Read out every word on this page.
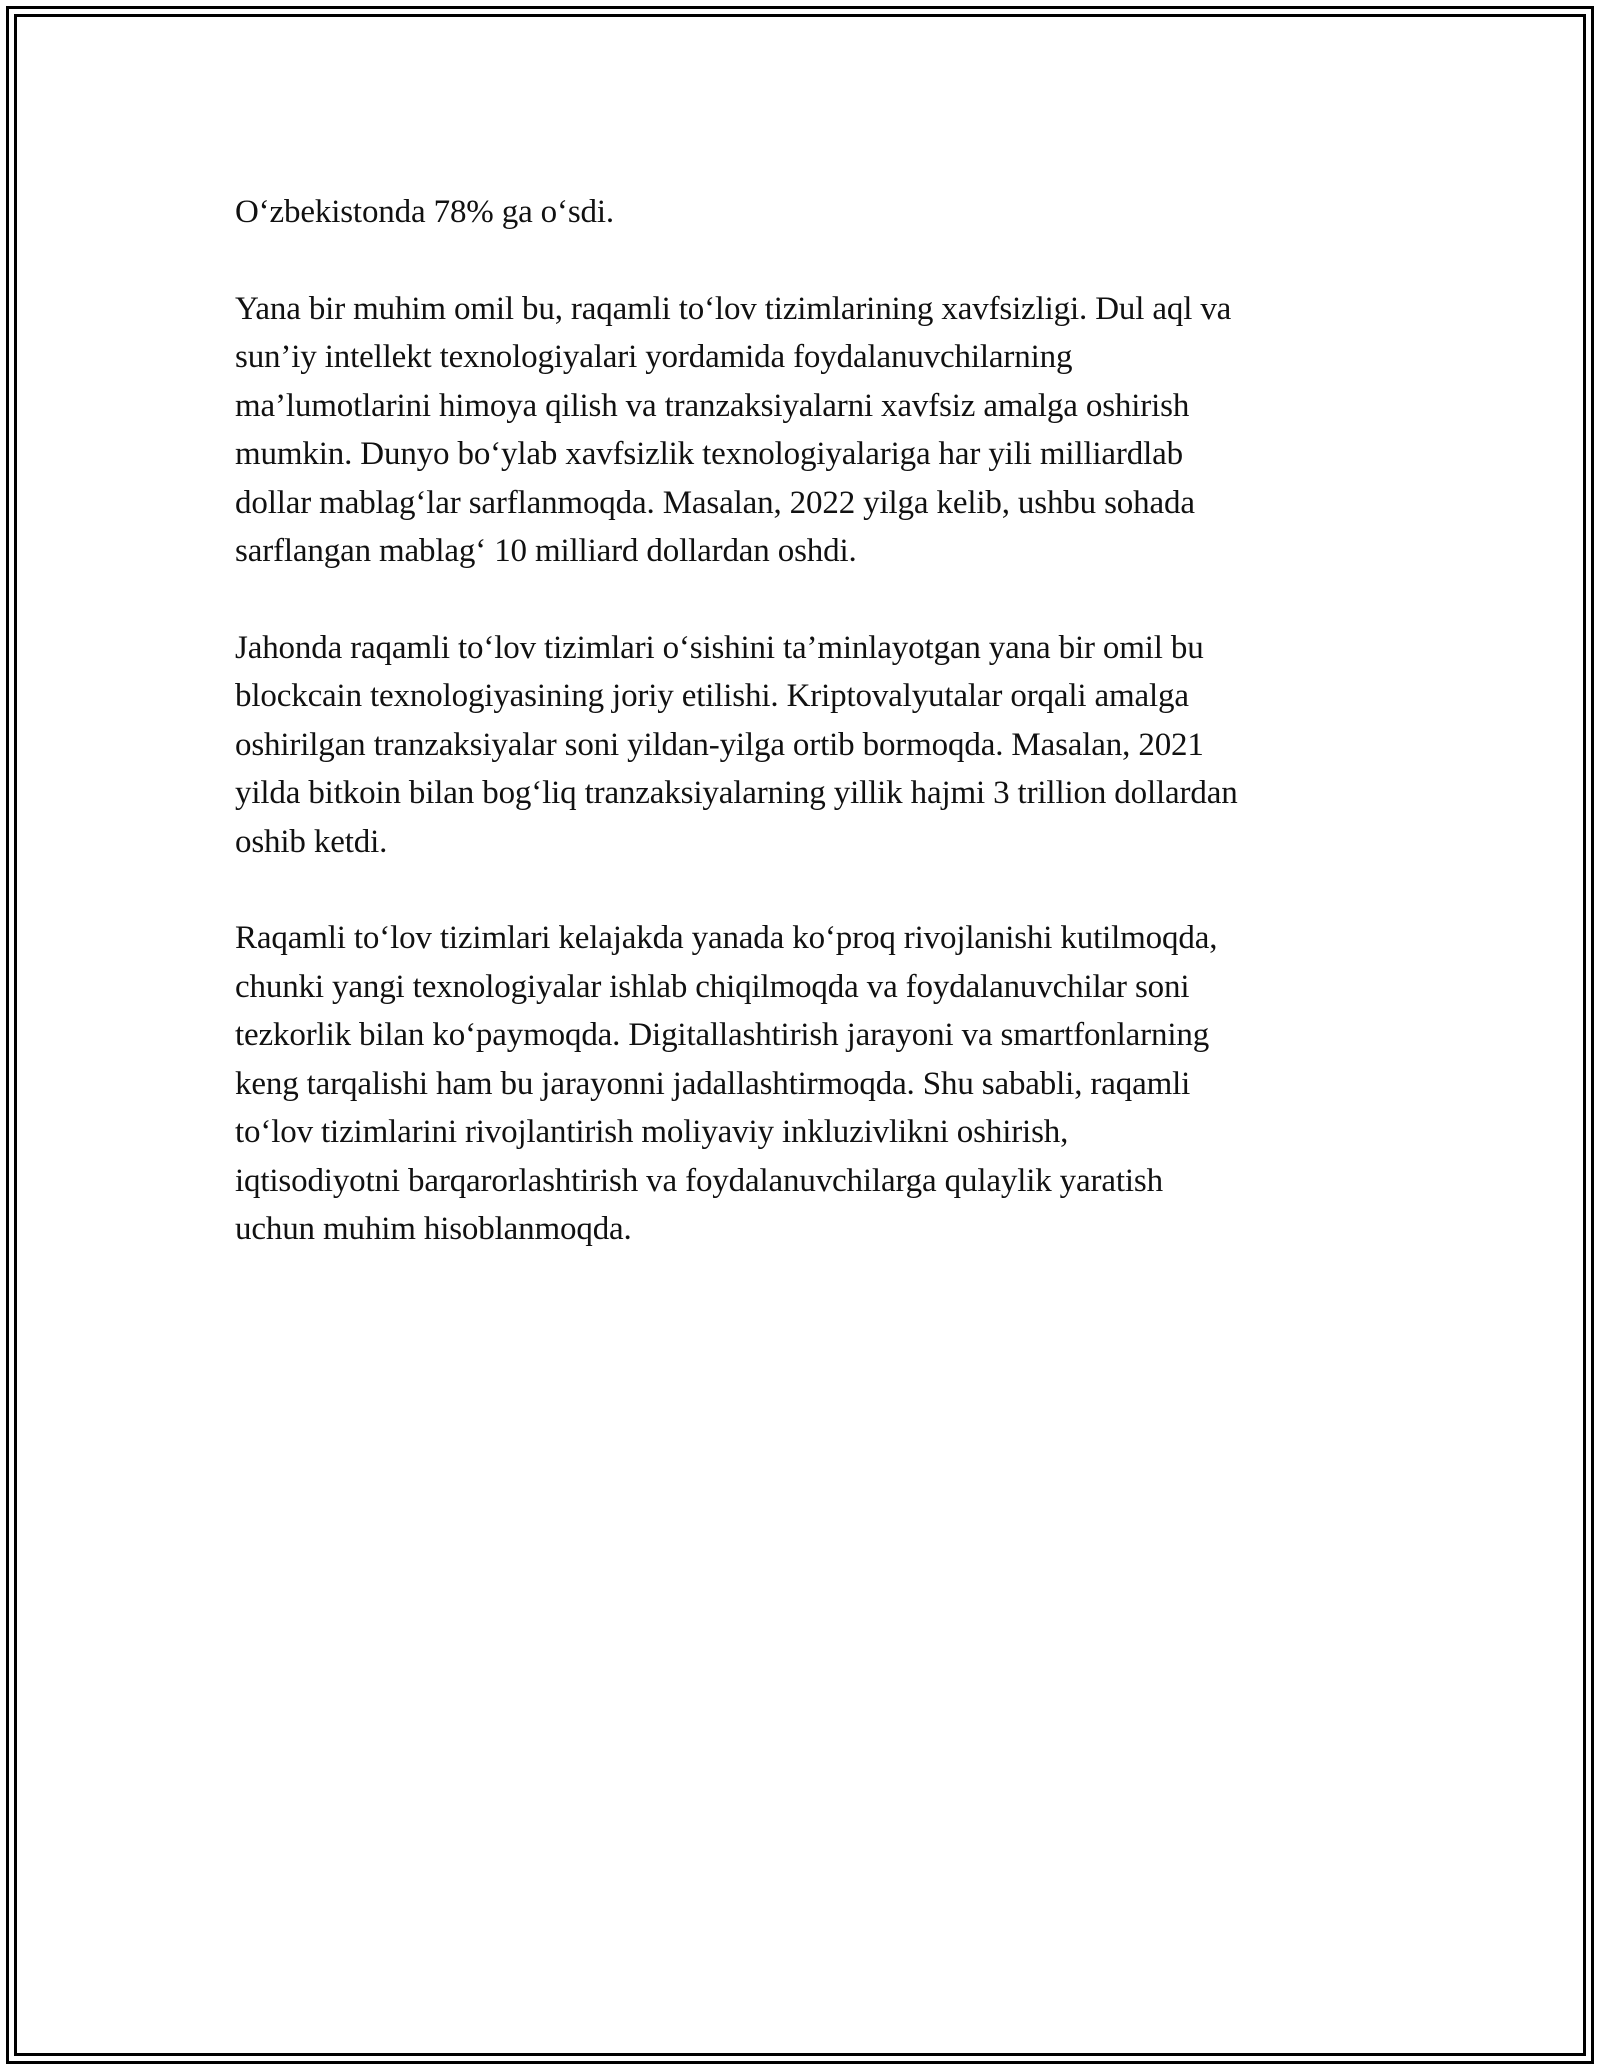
O‘zbekistonda 78% ga o‘sdi.

Yana bir muhim omil bu, raqamli to‘lov tizimlarining xavfsizligi. Dul aql va
sun’iy intellekt texnologiyalari yordamida foydalanuvchilarning
ma’lumotlarini himoya qilish va tranzaksiyalarni xavfsiz amalga oshirish
mumkin. Dunyo bo‘ylab xavfsizlik texnologiyalariga har yili milliardlab
dollar mablag‘lar sarflanmoqda. Masalan, 2022 yilga kelib, ushbu sohada
sarflangan mablag‘ 10 milliard dollardan oshdi.

Jahonda raqamli to‘lov tizimlari o‘sishini ta’minlayotgan yana bir omil bu
blockcain texnologiyasining joriy etilishi. Kriptovalyutalar orqali amalga
oshirilgan tranzaksiyalar soni yildan-yilga ortib bormoqda. Masalan, 2021
yilda bitkoin bilan bog‘liq tranzaksiyalarning yillik hajmi 3 trillion dollardan
oshib ketdi.

Raqamli to‘lov tizimlari kelajakda yanada ko‘proq rivojlanishi kutilmoqda,
chunki yangi texnologiyalar ishlab chiqilmoqda va foydalanuvchilar soni
tezkorlik bilan ko‘paymoqda. Digitallashtirish jarayoni va smartfonlarning
keng tarqalishi ham bu jarayonni jadallashtirmoqda. Shu sababli, raqamli
to‘lov tizimlarini rivojlantirish moliyaviy inkluzivlikni oshirish,
iqtisodiyotni barqarorlashtirish va foydalanuvchilarga qulaylik yaratish
uchun muhim hisoblanmoqda.
